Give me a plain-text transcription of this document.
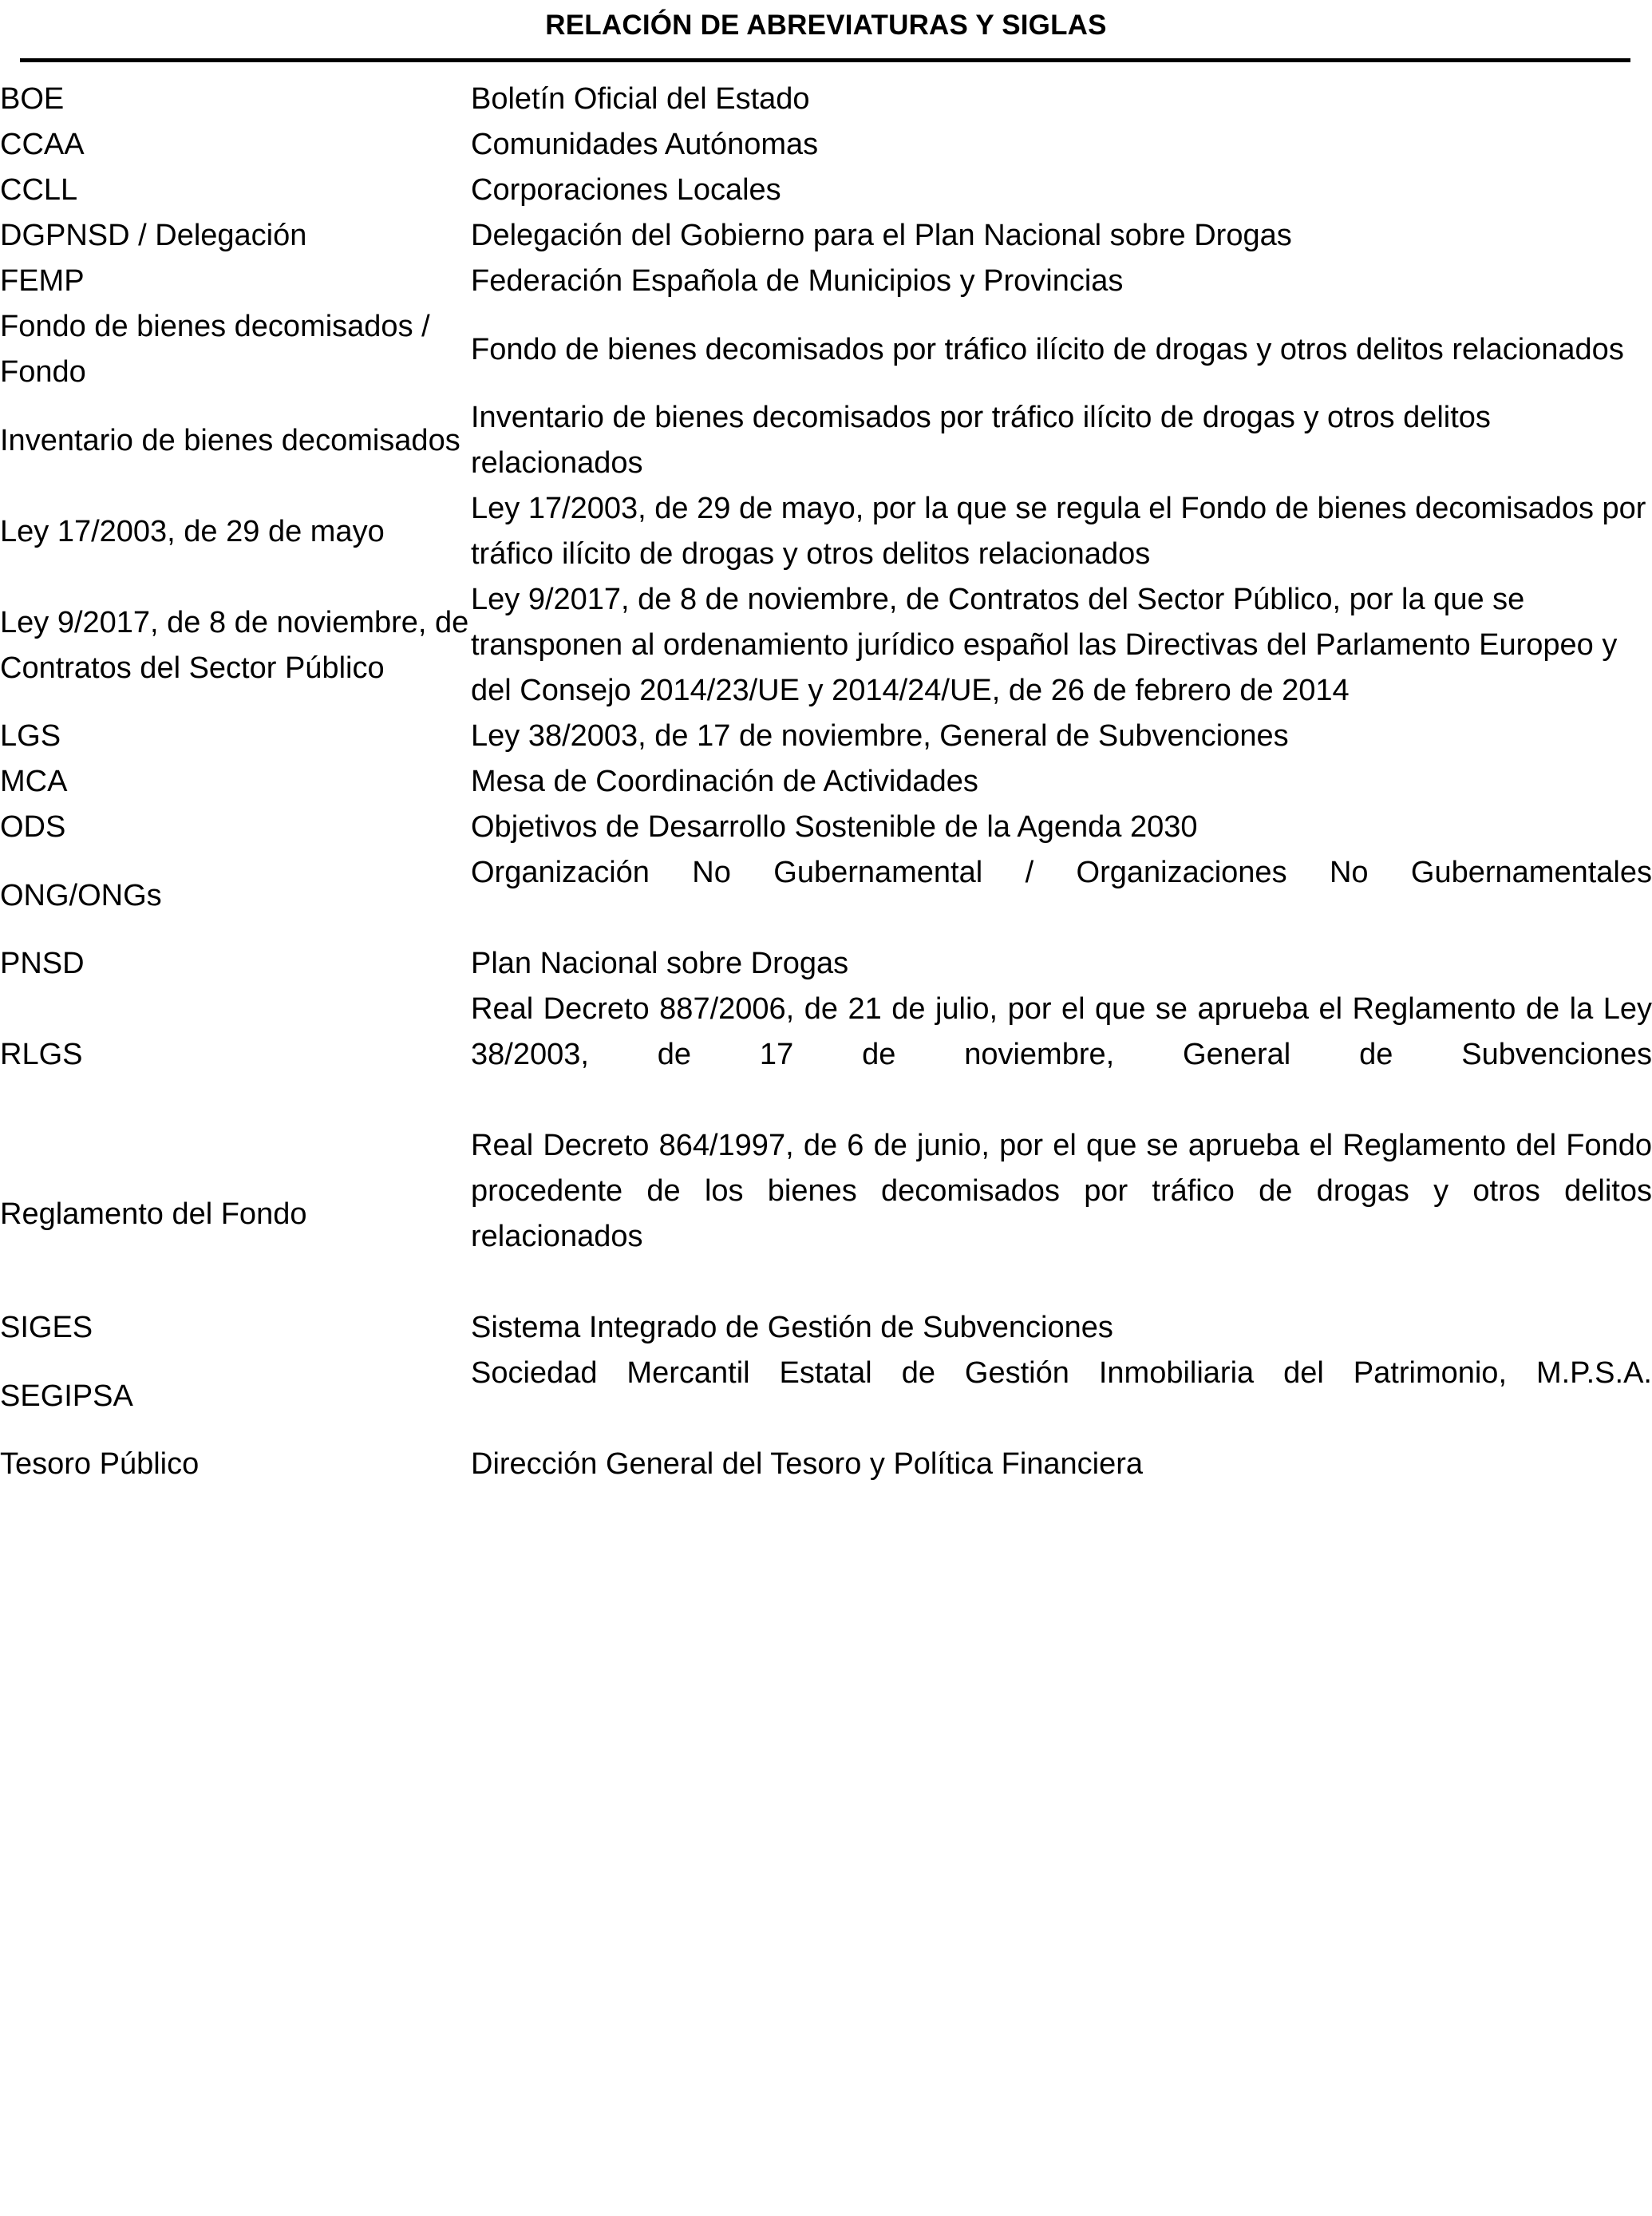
RELACIÓN DE ABREVIATURAS Y SIGLAS
BOE	Boletín Oficial del Estado
CCAA	Comunidades Autónomas
CCLL	Corporaciones Locales
DGPNSD / Delegación	Delegación del Gobierno para el Plan Nacional sobre Drogas
FEMP	Federación Española de Municipios y Provincias
Fondo de bienes decomisados / Fondo	Fondo de bienes decomisados por tráfico ilícito de drogas y otros delitos relacionados
Inventario de bienes decomisados	Inventario de bienes decomisados por tráfico ilícito de drogas y otros delitos relacionados
Ley 17/2003, de 29 de mayo	Ley 17/2003, de 29 de mayo, por la que se regula el Fondo de bienes decomisados por tráfico ilícito de drogas y otros delitos relacionados
Ley 9/2017, de 8 de noviembre, de Contratos del Sector Público	Ley 9/2017, de 8 de noviembre, de Contratos del Sector Público, por la que se transponen al ordenamiento jurídico español las Directivas del Parlamento Europeo y del Consejo 2014/23/UE y 2014/24/UE, de 26 de febrero de 2014
LGS	Ley 38/2003, de 17 de noviembre, General de Subvenciones
MCA	Mesa de Coordinación de Actividades
ODS	Objetivos de Desarrollo Sostenible de la Agenda 2030
ONG/ONGs	Organización No Gubernamental / Organizaciones No Gubernamentales

PNSD	Plan Nacional sobre Drogas
RLGS	Real Decreto 887/2006, de 21 de julio, por el que se aprueba el Reglamento de la Ley 38/2003, de 17 de noviembre, General de Subvenciones

Reglamento del Fondo	Real Decreto 864/1997, de 6 de junio, por el que se aprueba el Reglamento del Fondo procedente de los bienes decomisados por tráfico de drogas y otros delitos relacionados

SIGES	Sistema Integrado de Gestión de Subvenciones
SEGIPSA	Sociedad Mercantil Estatal de Gestión Inmobiliaria del Patrimonio, M.P.S.A.

Tesoro Público	Dirección General del Tesoro y Política Financiera
